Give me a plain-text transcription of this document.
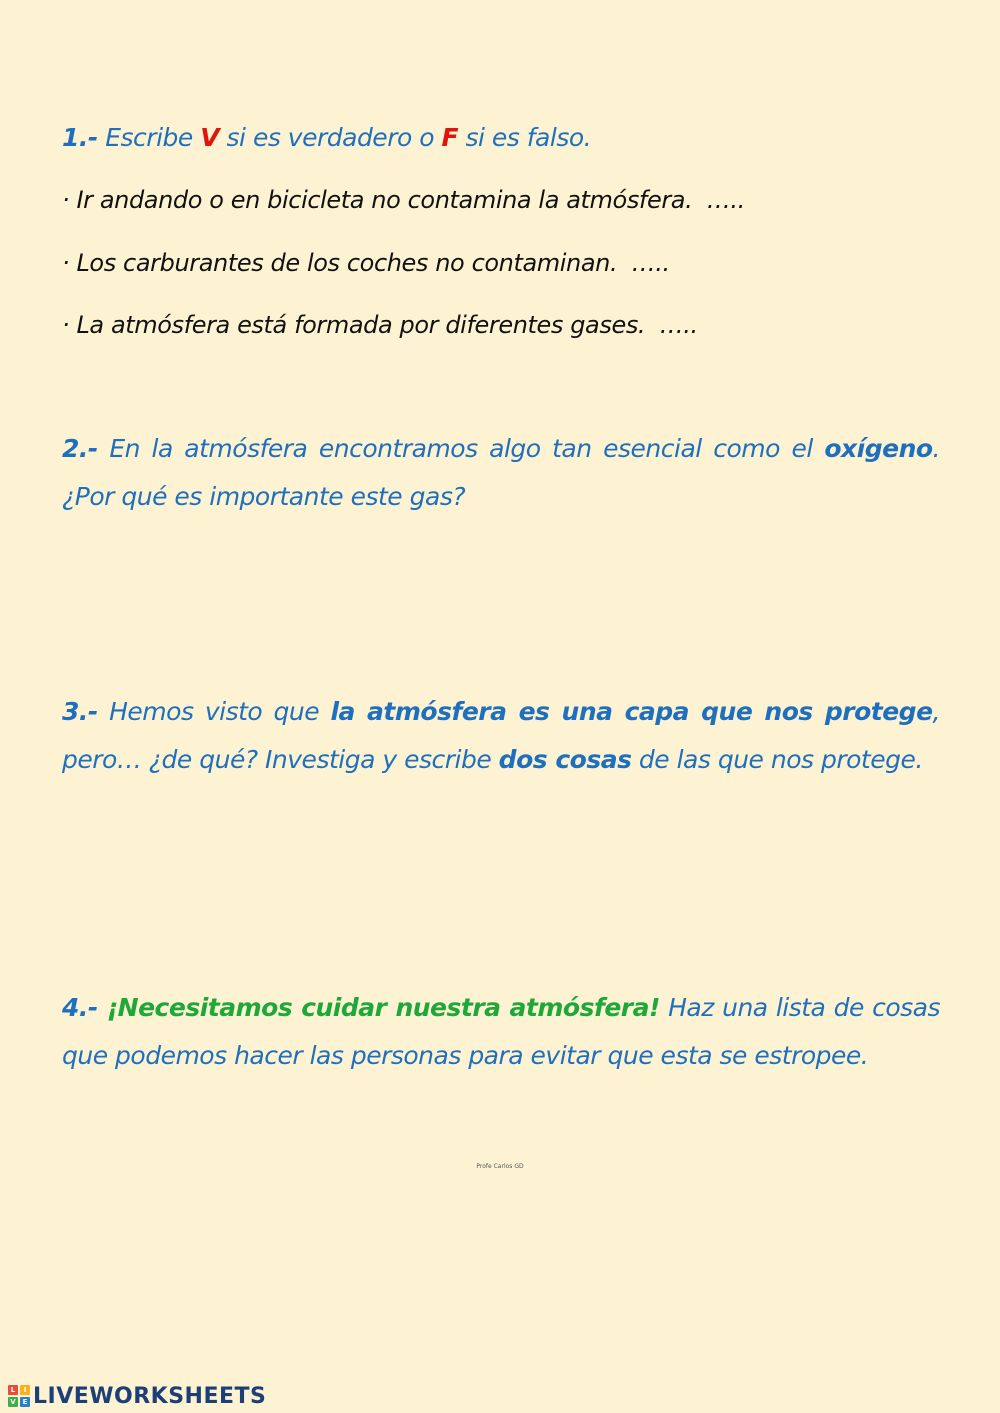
1.- Escribe V si es verdadero o F si es falso.
· Ir andando o en bicicleta no contamina la atmósfera.  …..
· Los carburantes de los coches no contaminan.  …..
· La atmósfera está formada por diferentes gases.  …..
2.- En la atmósfera encontramos algo tan esencial como el oxígeno. ¿Por qué es importante este gas?
3.- Hemos visto que la atmósfera es una capa que nos protege, pero… ¿de qué? Investiga y escribe dos cosas de las que nos protege.
4.- ¡Necesitamos cuidar nuestra atmósfera! Haz una lista de cosas que podemos hacer las personas para evitar que esta se estropee.
Profe Carlos GD
L	I
V E LIVEWORKSHEETS
